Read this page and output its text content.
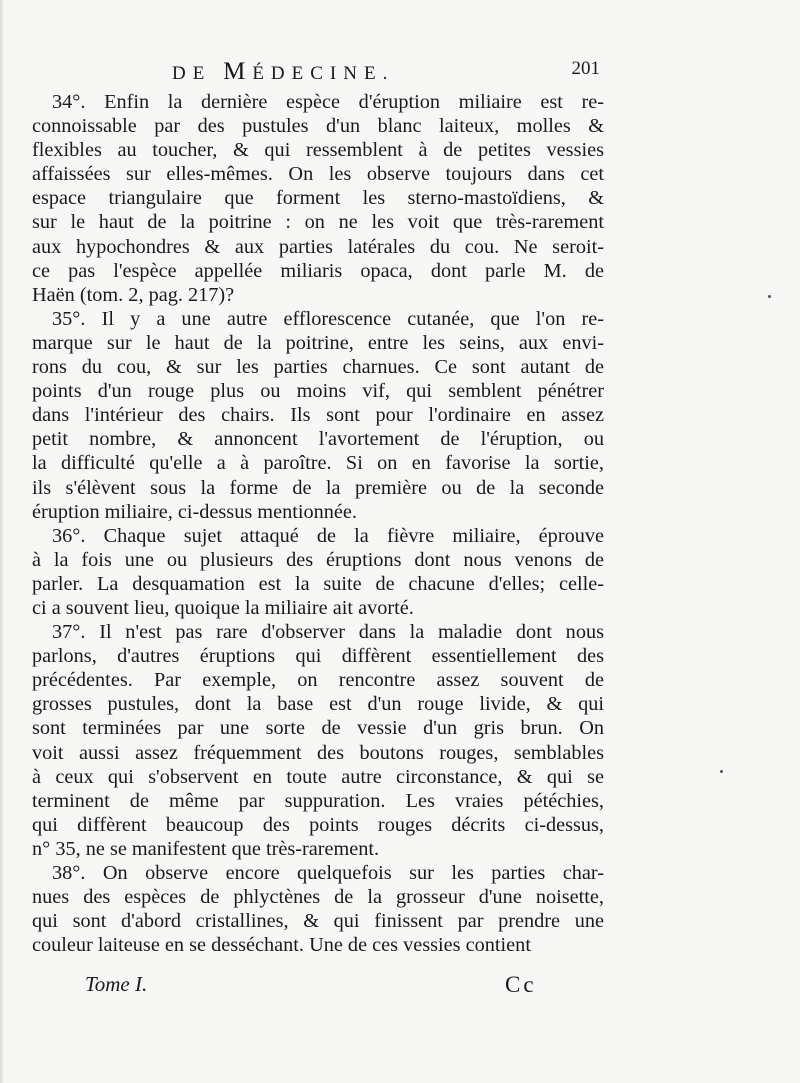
DE MÉDECINE.	201

34°. Enfin la dernière espèce d'éruption miliaire est re-

connoissable par des pustules d'un blanc laiteux, molles &

flexibles au toucher, & qui ressemblent à de petites vessies

affaissées sur elles-mêmes. On les observe toujours dans cet

espace triangulaire que forment les sterno-mastoïdiens, &

sur le haut de la poitrine : on ne les voit que très-rarement

aux hypochondres & aux parties latérales du cou. Ne seroit-

ce pas l'espèce appellée miliaris opaca, dont parle M. de

Haën (tom. 2, pag. 217)?

35°. Il y a une autre efflorescence cutanée, que l'on re-

marque sur le haut de la poitrine, entre les seins, aux envi-

rons du cou, & sur les parties charnues. Ce sont autant de

points d'un rouge plus ou moins vif, qui semblent pénétrer

dans l'intérieur des chairs. Ils sont pour l'ordinaire en assez

petit nombre, & annoncent l'avortement de l'éruption, ou

la difficulté qu'elle a à paroître. Si on en favorise la sortie,

ils s'élèvent sous la forme de la première ou de la seconde

éruption miliaire, ci-dessus mentionnée.

36°. Chaque sujet attaqué de la fièvre miliaire, éprouve

à la fois une ou plusieurs des éruptions dont nous venons de

parler. La desquamation est la suite de chacune d'elles; celle-

ci a souvent lieu, quoique la miliaire ait avorté.

37°. Il n'est pas rare d'observer dans la maladie dont nous

parlons, d'autres éruptions qui diffèrent essentiellement des

précédentes. Par exemple, on rencontre assez souvent de

grosses pustules, dont la base est d'un rouge livide, & qui

sont terminées par une sorte de vessie d'un gris brun. On

voit aussi assez fréquemment des boutons rouges, semblables

à ceux qui s'observent en toute autre circonstance, & qui se

terminent de même par suppuration. Les vraies pétéchies,

qui diffèrent beaucoup des points rouges décrits ci-dessus,

n° 35, ne se manifestent que très-rarement.

38°. On observe encore quelquefois sur les parties char-

nues des espèces de phlyctènes de la grosseur d'une noisette,

qui sont d'abord cristallines, & qui finissent par prendre une

couleur laiteuse en se desséchant. Une de ces vessies contient

Tome I.	Cc
